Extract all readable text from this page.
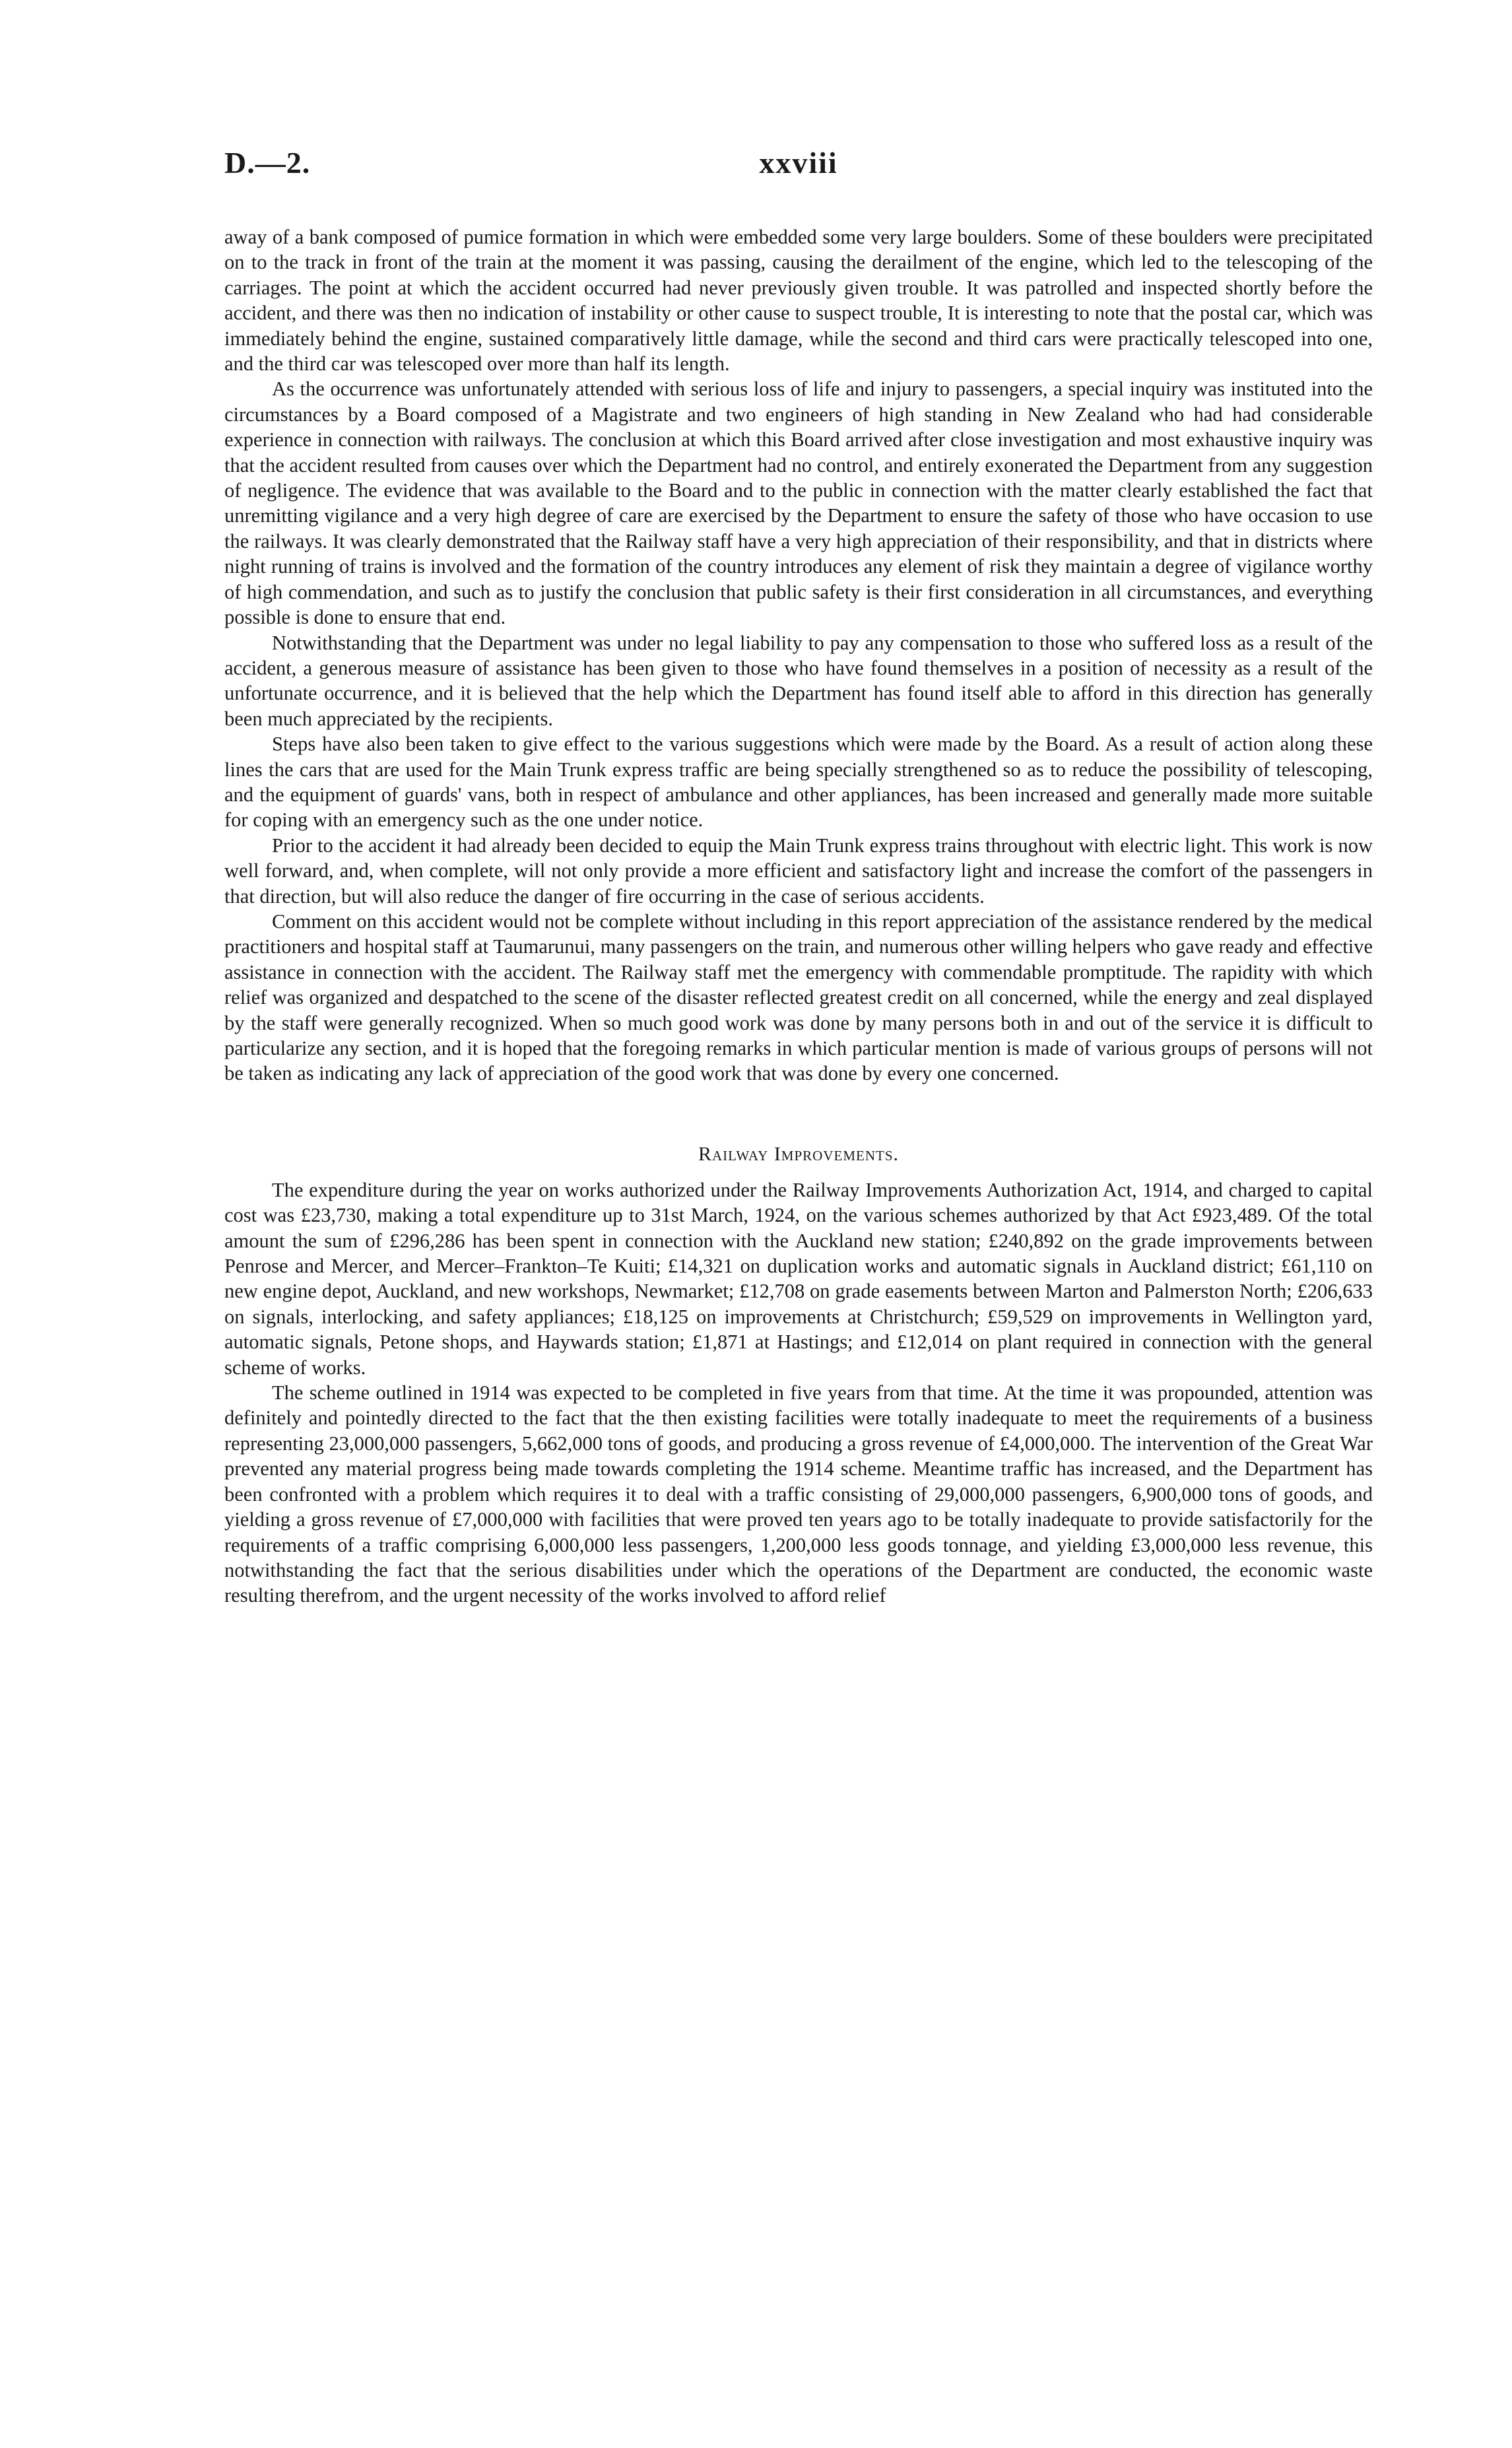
D.—2.	xxviii

away of a bank composed of pumice formation in which were embedded some very large boulders. Some of these boulders were precipitated on to the track in front of the train at the moment it was passing, causing the derailment of the engine, which led to the telescoping of the carriages. The point at which the accident occurred had never previously given trouble. It was patrolled and inspected shortly before the accident, and there was then no indication of instability or other cause to suspect trouble, It is interesting to note that the postal car, which was immediately behind the engine, sustained comparatively little damage, while the second and third cars were practically telescoped into one, and the third car was telescoped over more than half its length.

As the occurrence was unfortunately attended with serious loss of life and injury to passengers, a special inquiry was instituted into the circumstances by a Board composed of a Magistrate and two engineers of high standing in New Zealand who had had considerable experience in connection with railways. The conclusion at which this Board arrived after close investigation and most exhaustive inquiry was that the accident resulted from causes over which the Department had no control, and entirely exonerated the Department from any suggestion of negligence. The evidence that was available to the Board and to the public in connection with the matter clearly established the fact that unremitting vigilance and a very high degree of care are exercised by the Department to ensure the safety of those who have occasion to use the railways. It was clearly demonstrated that the Railway staff have a very high appreciation of their responsibility, and that in districts where night running of trains is involved and the formation of the country introduces any element of risk they maintain a degree of vigilance worthy of high commendation, and such as to justify the conclusion that public safety is their first consideration in all circumstances, and everything possible is done to ensure that end.

Notwithstanding that the Department was under no legal liability to pay any compensation to those who suffered loss as a result of the accident, a generous measure of assistance has been given to those who have found themselves in a position of necessity as a result of the unfortunate occurrence, and it is believed that the help which the Department has found itself able to afford in this direction has generally been much appreciated by the recipients.

Steps have also been taken to give effect to the various suggestions which were made by the Board. As a result of action along these lines the cars that are used for the Main Trunk express traffic are being specially strengthened so as to reduce the possibility of telescoping, and the equipment of guards' vans, both in respect of ambulance and other appliances, has been increased and generally made more suitable for coping with an emergency such as the one under notice.

Prior to the accident it had already been decided to equip the Main Trunk express trains throughout with electric light. This work is now well forward, and, when complete, will not only provide a more efficient and satisfactory light and increase the comfort of the passengers in that direction, but will also reduce the danger of fire occurring in the case of serious accidents.

Comment on this accident would not be complete without including in this report appreciation of the assistance rendered by the medical practitioners and hospital staff at Taumarunui, many passengers on the train, and numerous other willing helpers who gave ready and effective assistance in connection with the accident. The Railway staff met the emergency with commendable promptitude. The rapidity with which relief was organized and despatched to the scene of the disaster reflected greatest credit on all concerned, while the energy and zeal displayed by the staff were generally recognized. When so much good work was done by many persons both in and out of the service it is difficult to particularize any section, and it is hoped that the foregoing remarks in which particular mention is made of various groups of persons will not be taken as indicating any lack of appreciation of the good work that was done by every one concerned.

Railway Improvements.

The expenditure during the year on works authorized under the Railway Improvements Authorization Act, 1914, and charged to capital cost was £23,730, making a total expenditure up to 31st March, 1924, on the various schemes authorized by that Act £923,489. Of the total amount the sum of £296,286 has been spent in connection with the Auckland new station; £240,892 on the grade improvements between Penrose and Mercer, and Mercer–Frankton–Te Kuiti; £14,321 on duplication works and automatic signals in Auckland district; £61,110 on new engine depot, Auckland, and new workshops, Newmarket; £12,708 on grade easements between Marton and Palmerston North; £206,633 on signals, interlocking, and safety appliances; £18,125 on improvements at Christchurch; £59,529 on improvements in Wellington yard, automatic signals, Petone shops, and Haywards station; £1,871 at Hastings; and £12,014 on plant required in connection with the general scheme of works.

The scheme outlined in 1914 was expected to be completed in five years from that time. At the time it was propounded, attention was definitely and pointedly directed to the fact that the then existing facilities were totally inadequate to meet the requirements of a business representing 23,000,000 passengers, 5,662,000 tons of goods, and producing a gross revenue of £4,000,000. The intervention of the Great War prevented any material progress being made towards completing the 1914 scheme. Meantime traffic has increased, and the Department has been confronted with a problem which requires it to deal with a traffic consisting of 29,000,000 passengers, 6,900,000 tons of goods, and yielding a gross revenue of £7,000,000 with facilities that were proved ten years ago to be totally inadequate to provide satisfactorily for the requirements of a traffic comprising 6,000,000 less passengers, 1,200,000 less goods tonnage, and yielding £3,000,000 less revenue, this notwithstanding the fact that the serious disabilities under which the operations of the Department are conducted, the economic waste resulting therefrom, and the urgent necessity of the works involved to afford relief
